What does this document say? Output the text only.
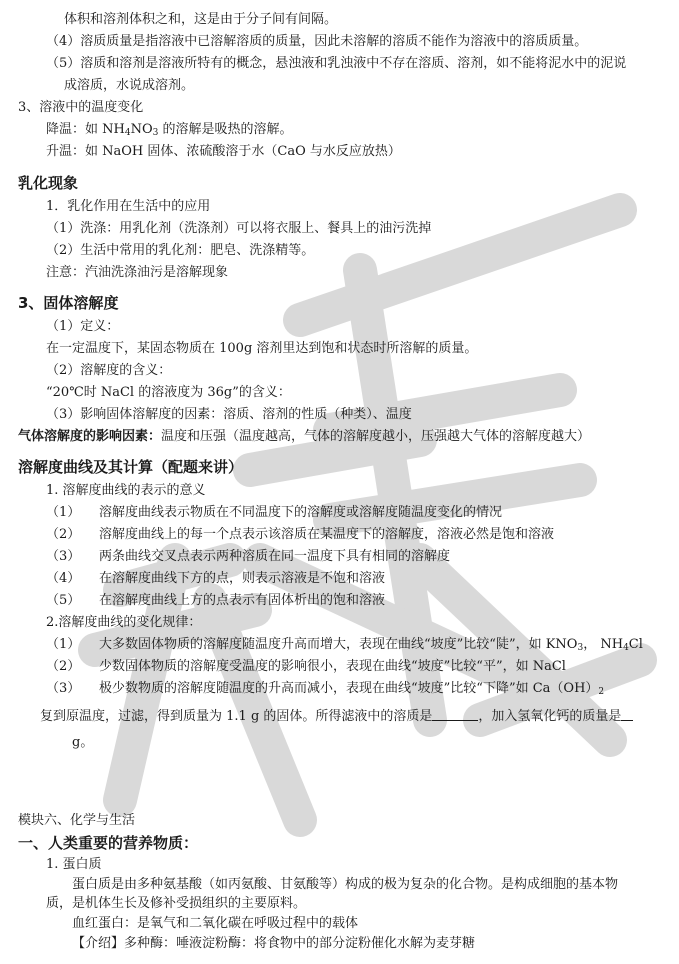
体积和溶剂体积之和，这是由于分子间有间隔。
（4）溶质质量是指溶液中已溶解溶质的质量，因此未溶解的溶质不能作为溶液中的溶质质量。
（5）溶质和溶剂是溶液所特有的概念，悬浊液和乳浊液中不存在溶质、溶剂，如不能将泥水中的泥说
成溶质，水说成溶剂。
3、溶液中的温度变化
降温：如 $NH_4NO_3$ 的溶解是吸热的溶解。
升温：如 NaOH 固体、浓硫酸溶于水（CaO 与水反应放热）
乳化现象
1．乳化作用在生活中的应用
（1）洗涤：用乳化剂（洗涤剂）可以将衣服上、餐具上的油污洗掉
（2）生活中常用的乳化剂：肥皂、洗涤精等。
注意：汽油洗涤油污是溶解现象
3、固体溶解度
（1）定义：
在一定温度下，某固态物质在 100g 溶剂里达到饱和状态时所溶解的质量。
（2）溶解度的含义：
“20℃时 NaCl 的溶液度为 36g”的含义：
（3）影响固体溶解度的因素：溶质、溶剂的性质（种类）、温度
气体溶解度的影响因素：温度和压强（温度越高，气体的溶解度越小，压强越大气体的溶解度越大）
溶解度曲线及其计算（配题来讲）
1. 溶解度曲线的表示的意义
（1） 溶解度曲线表示物质在不同温度下的溶解度或溶解度随温度变化的情况
（2） 溶解度曲线上的每一个点表示该溶质在某温度下的溶解度，溶液必然是饱和溶液
（3） 两条曲线交叉点表示两种溶质在同一温度下具有相同的溶解度
（4） 在溶解度曲线下方的点，则表示溶液是不饱和溶液
（5） 在溶解度曲线上方的点表示有固体析出的饱和溶液
2.溶解度曲线的变化规律：
（1） 大多数固体物质的溶解度随温度升高而增大，表现在曲线“坡度”比较“陡”，如 $KNO_3$， $NH_4Cl$
（2） 少数固体物质的溶解度受温度的影响很小，表现在曲线“坡度”比较“平”，如 NaCl
（3） 极少数物质的溶解度随温度的升高而减小，表现在曲线“坡度”比较“下降”如 $Ca(OH)_2$
复到原温度，过滤，得到质量为 1.1 g 的固体。所得滤液中的溶质是	，加入氢氧化钙的质量是
g。
模块六、化学与生活
一、人类重要的营养物质：
1. 蛋白质
蛋白质是由多种氨基酸（如丙氨酸、甘氨酸等）构成的极为复杂的化合物。是构成细胞的基本物
质，是机体生长及修补受损组织的主要原料。
血红蛋白：是氧气和二氧化碳在呼吸过程中的载体
【介绍】多种酶：唾液淀粉酶：将食物中的部分淀粉催化水解为麦芽糖
